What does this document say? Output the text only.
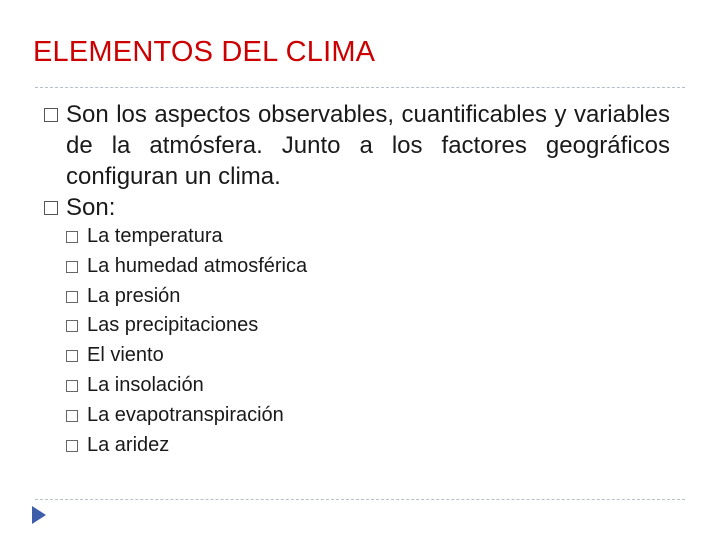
ELEMENTOS DEL CLIMA
Son los aspectos observables, cuantificables y variables de la atmósfera. Junto a los factores geográficos configuran un clima.
Son:
La temperatura
La humedad atmosférica
La presión
Las precipitaciones
El viento
La insolación
La evapotranspiración
La aridez
